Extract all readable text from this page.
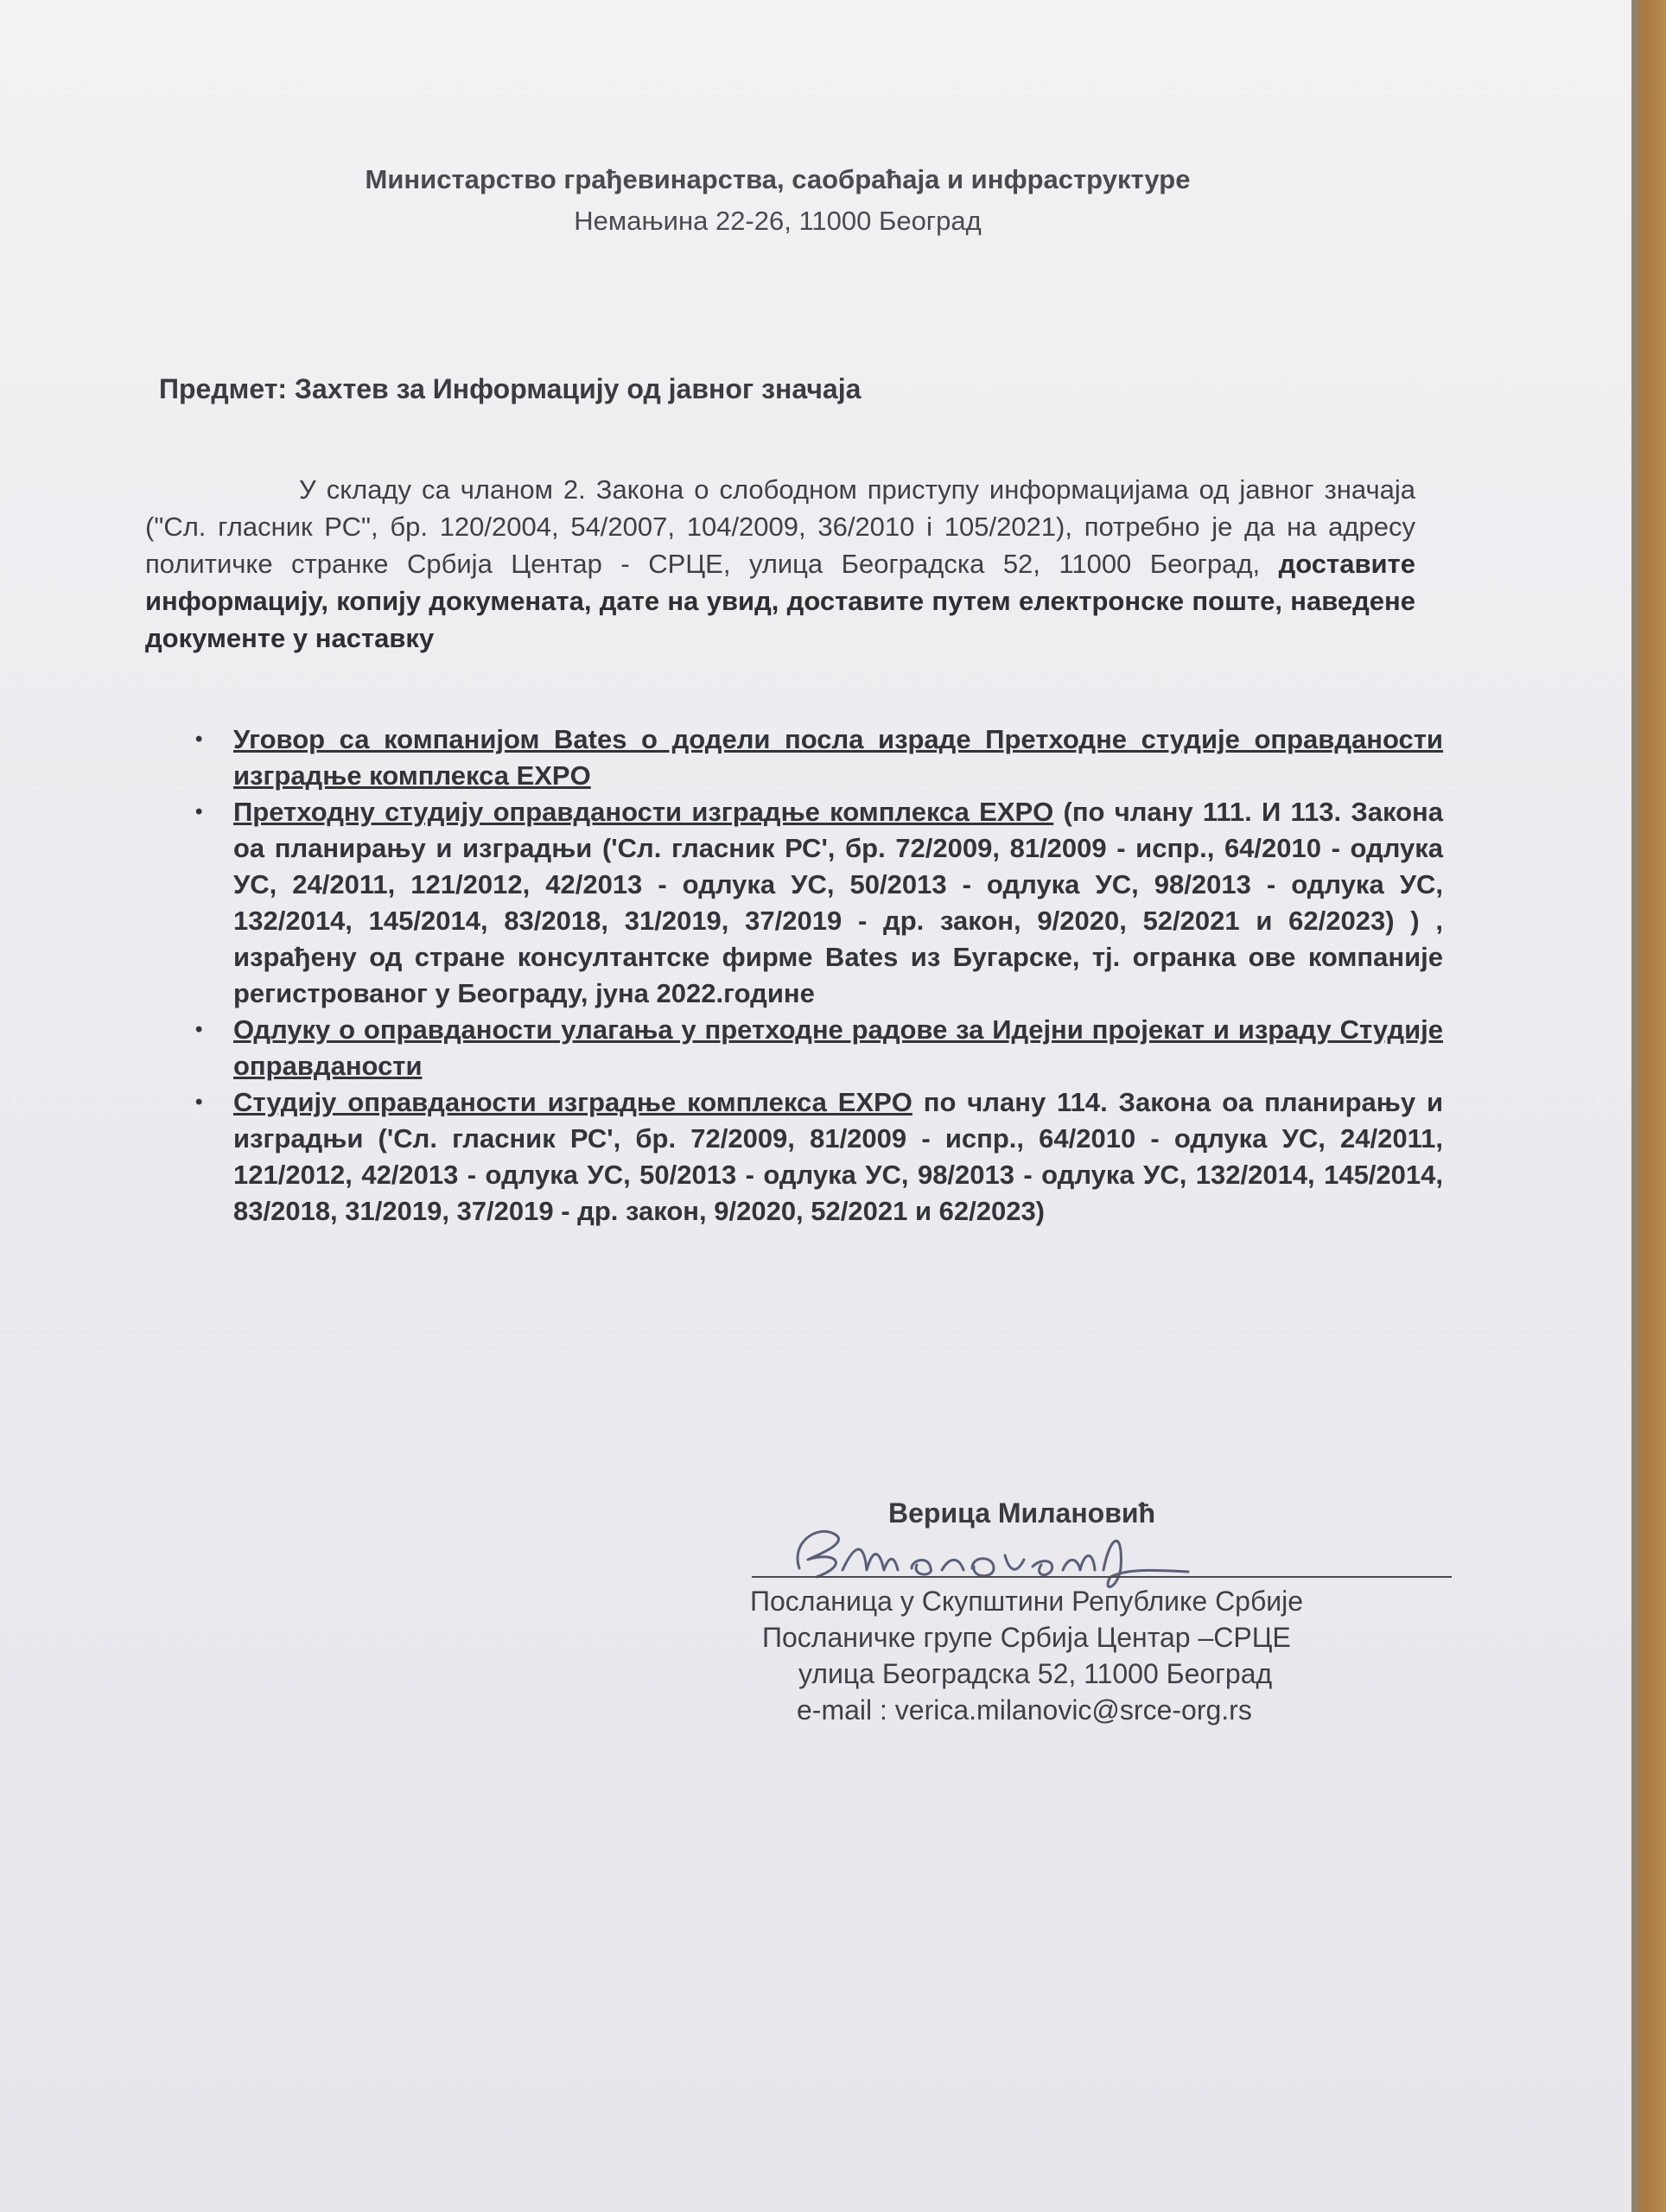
Министарство грађевинарства, саобраћаја и инфраструктуре
Немањина 22-26, 11000 Београд
Предмет: Захтев за Информацију од јавног значаја
У складу са чланом 2. Закона о слободном приступу информацијама од јавног значаја ("Сл. гласник РС", бр. 120/2004, 54/2007, 104/2009, 36/2010 i 105/2021), потребно је да на адресу политичке странке Србија Центар - СРЦЕ, улица Београдска 52, 11000 Београд, доставите информацију, копију докумената, дате на увид, доставите путем електронске поште, наведене документе у наставку
• Уговор са компанијом Bates о додели посла израде Претходне студије оправданости изградње комплекса EXPO
• Претходну студију оправданости изградње комплекса EXPO (по члану 111. И 113. Закона оа планирању и изградњи ('Сл. гласник РС', бр. 72/2009, 81/2009 - испр., 64/2010 - одлука УС, 24/2011, 121/2012, 42/2013 - одлука УС, 50/2013 - одлука УС, 98/2013 - одлука УС, 132/2014, 145/2014, 83/2018, 31/2019, 37/2019 - др. закон, 9/2020, 52/2021 и 62/2023) ) , израђену од стране консултантске фирме Bates из Бугарске, тј. огранка ове компаније регистрованог у Београду, јуна 2022.године
• Одлуку о оправданости улагања у претходне радове за Идејни пројекат и израду Студије оправданости
• Студију оправданости изградње комплекса EXPO по члану 114. Закона оа планирању и изградњи ('Сл. гласник РС', бр. 72/2009, 81/2009 - испр., 64/2010 - одлука УС, 24/2011, 121/2012, 42/2013 - одлука УС, 50/2013 - одлука УС, 98/2013 - одлука УС, 132/2014, 145/2014, 83/2018, 31/2019, 37/2019 - др. закон, 9/2020, 52/2021 и 62/2023)
Верица Милановић
Посланица у Скупштини Републике Србије
Посланичке групе Србија Центар –СРЦЕ
улица Београдска 52, 11000 Београд
e-mail : verica.milanovic@srce-org.rs
